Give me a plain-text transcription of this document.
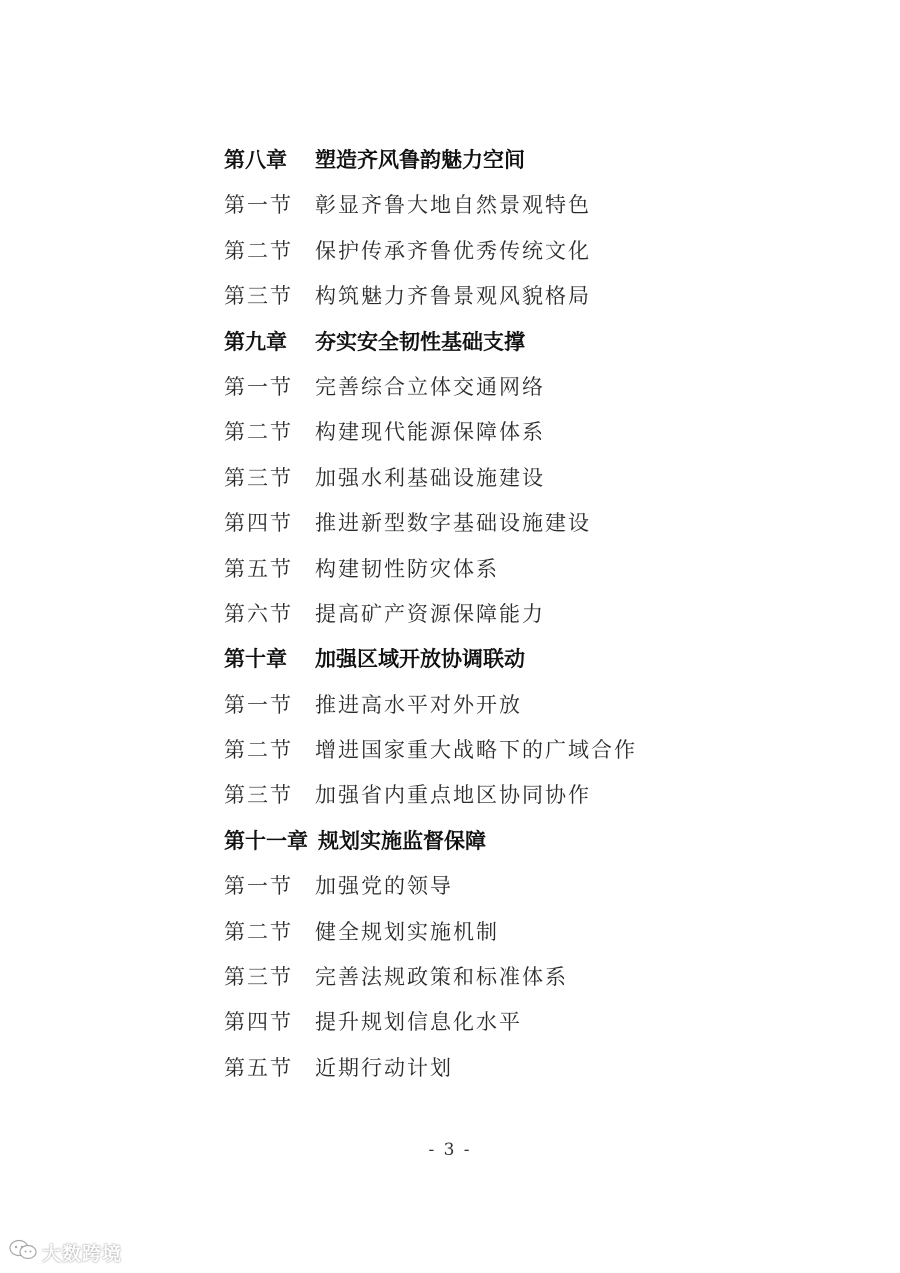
第八章	塑造齐风鲁韵魅力空间
第一节	彰显齐鲁大地自然景观特色
第二节	保护传承齐鲁优秀传统文化
第三节	构筑魅力齐鲁景观风貌格局
第九章	夯实安全韧性基础支撑
第一节	完善综合立体交通网络
第二节	构建现代能源保障体系
第三节	加强水利基础设施建设
第四节	推进新型数字基础设施建设
第五节	构建韧性防灾体系
第六节	提高矿产资源保障能力
第十章	加强区域开放协调联动
第一节	推进高水平对外开放
第二节	增进国家重大战略下的广域合作
第三节	加强省内重点地区协同协作
第十一章 规划实施监督保障
第一节	加强党的领导
第二节	健全规划实施机制
第三节	完善法规政策和标准体系
第四节	提升规划信息化水平
第五节	近期行动计划
- 3 -
大数跨境
